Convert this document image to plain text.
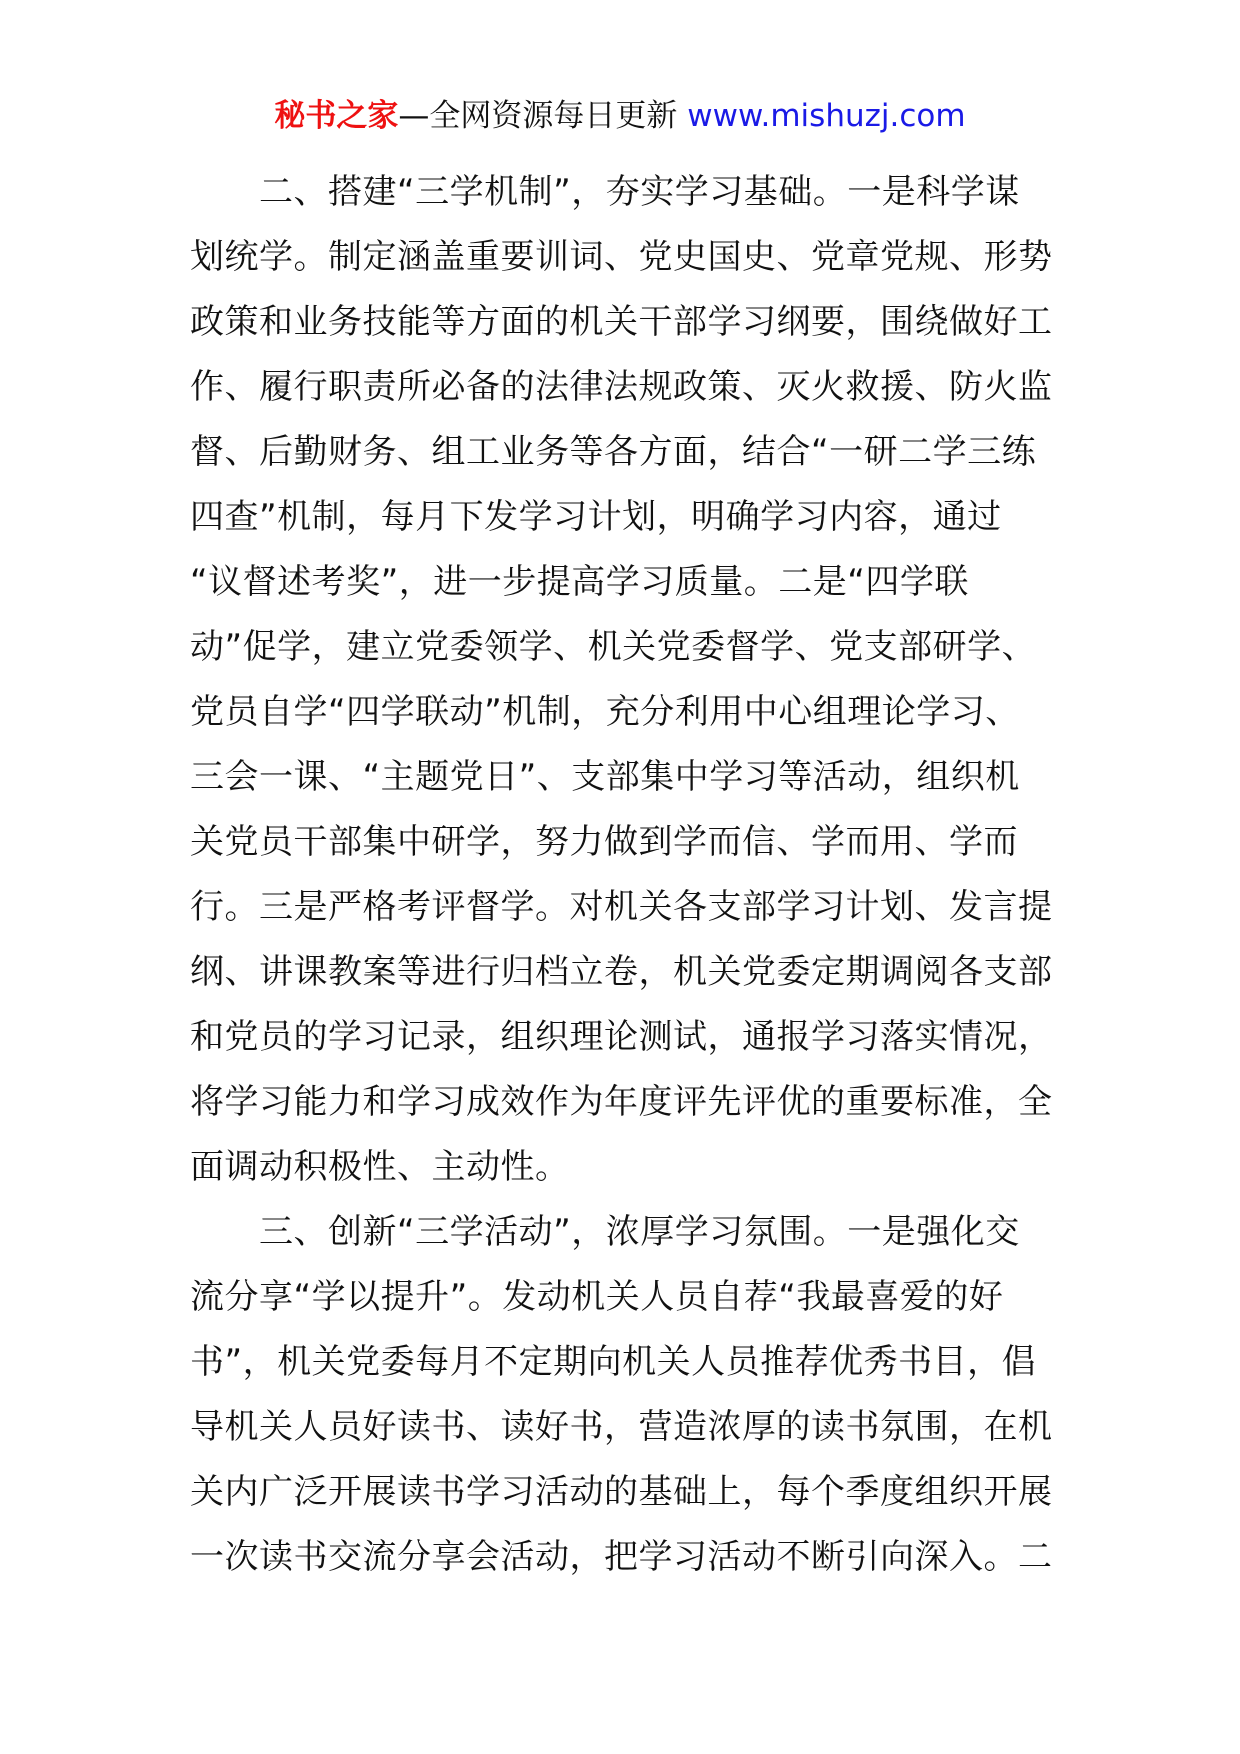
秘书之家—全网资源每日更新 www.mishuzj.com
　　二、搭建“三学机制”，夯实学习基础。一是科学谋
划统学。制定涵盖重要训词、党史国史、党章党规、形势
政策和业务技能等方面的机关干部学习纲要，围绕做好工
作、履行职责所必备的法律法规政策、灭火救援、防火监
督、后勤财务、组工业务等各方面，结合“一研二学三练
四查”机制，每月下发学习计划，明确学习内容，通过
“议督述考奖”，进一步提高学习质量。二是“四学联
动”促学，建立党委领学、机关党委督学、党支部研学、
党员自学“四学联动”机制，充分利用中心组理论学习、
三会一课、“主题党日”、支部集中学习等活动，组织机
关党员干部集中研学，努力做到学而信、学而用、学而
行。三是严格考评督学。对机关各支部学习计划、发言提
纲、讲课教案等进行归档立卷，机关党委定期调阅各支部
和党员的学习记录，组织理论测试，通报学习落实情况，
将学习能力和学习成效作为年度评先评优的重要标准，全
面调动积极性、主动性。
　　三、创新“三学活动”，浓厚学习氛围。一是强化交
流分享“学以提升”。发动机关人员自荐“我最喜爱的好
书”，机关党委每月不定期向机关人员推荐优秀书目，倡
导机关人员好读书、读好书，营造浓厚的读书氛围，在机
关内广泛开展读书学习活动的基础上，每个季度组织开展
一次读书交流分享会活动，把学习活动不断引向深入。二
